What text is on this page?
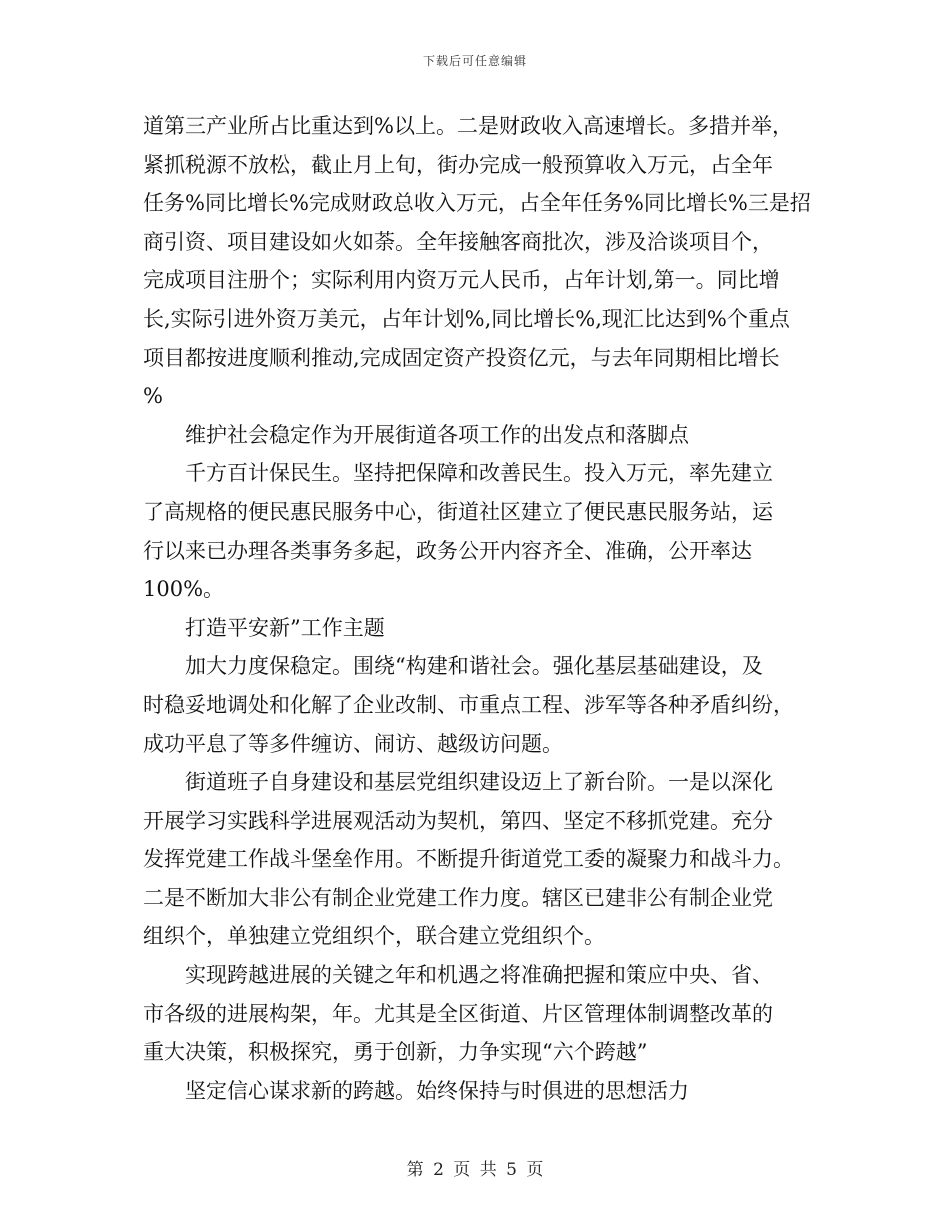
下载后可任意编辑
道第三产业所占比重达到%以上。二是财政收入高速增长。多措并举，
紧抓税源不放松，截止月上旬，街办完成一般预算收入万元，占全年
任务%同比增长%完成财政总收入万元，占全年任务%同比增长%三是招
商引资、项目建设如火如荼。全年接触客商批次，涉及洽谈项目个，
完成项目注册个；实际利用内资万元人民币，占年计划,第一。同比增
长,实际引进外资万美元，占年计划%,同比增长%,现汇比达到%个重点
项目都按进度顺利推动,完成固定资产投资亿元，与去年同期相比增长
%
维护社会稳定作为开展街道各项工作的出发点和落脚点
千方百计保民生。坚持把保障和改善民生。投入万元，率先建立
了高规格的便民惠民服务中心，街道社区建立了便民惠民服务站，运
行以来已办理各类事务多起，政务公开内容齐全、准确，公开率达
100%。
打造平安新”工作主题
加大力度保稳定。围绕“构建和谐社会。强化基层基础建设，及
时稳妥地调处和化解了企业改制、市重点工程、涉军等各种矛盾纠纷，
成功平息了等多件缠访、闹访、越级访问题。
街道班子自身建设和基层党组织建设迈上了新台阶。一是以深化
开展学习实践科学进展观活动为契机，第四、坚定不移抓党建。充分
发挥党建工作战斗堡垒作用。不断提升街道党工委的凝聚力和战斗力。
二是不断加大非公有制企业党建工作力度。辖区已建非公有制企业党
组织个，单独建立党组织个，联合建立党组织个。
实现跨越进展的关键之年和机遇之将准确把握和策应中央、省、
市各级的进展构架，年。尤其是全区街道、片区管理体制调整改革的
重大决策，积极探究，勇于创新，力争实现“六个跨越”
坚定信心谋求新的跨越。始终保持与时俱进的思想活力
第 2 页 共 5 页
